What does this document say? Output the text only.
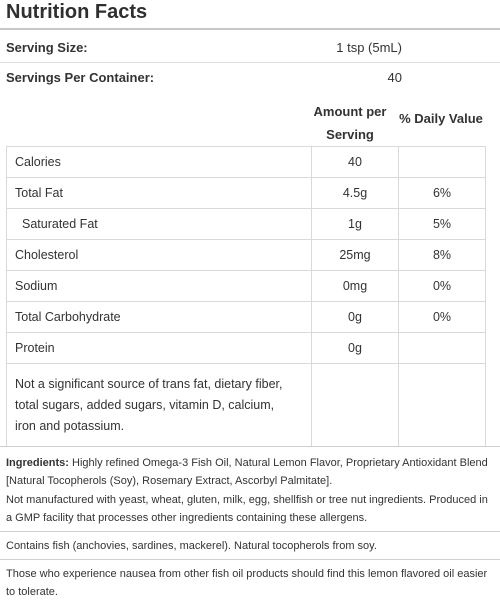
Nutrition Facts
Serving Size:	1 tsp (5mL)
Servings Per Container:	40
Amount per Serving
% Daily Value
Calories	40	
Total Fat	4.5g	6%
Saturated Fat	1g	5%
Cholesterol	25mg	8%
Sodium	0mg	0%
Total Carbohydrate	0g	0%
Protein	0g	

Not a significant source of trans fat, dietary fiber, total sugars, added sugars, vitamin D, calcium, iron and potassium.		

Ingredients: Highly refined Omega-3 Fish Oil, Natural Lemon Flavor, Proprietary Antioxidant Blend [Natural Tocopherols (Soy), Rosemary Extract, Ascorbyl Palmitate].
Not manufactured with yeast, wheat, gluten, milk, egg, shellfish or tree nut ingredients. Produced in a GMP facility that processes other ingredients containing these allergens.
Contains fish (anchovies, sardines, mackerel). Natural tocopherols from soy.
Those who experience nausea from other fish oil products should find this lemon flavored oil easier to tolerate.
